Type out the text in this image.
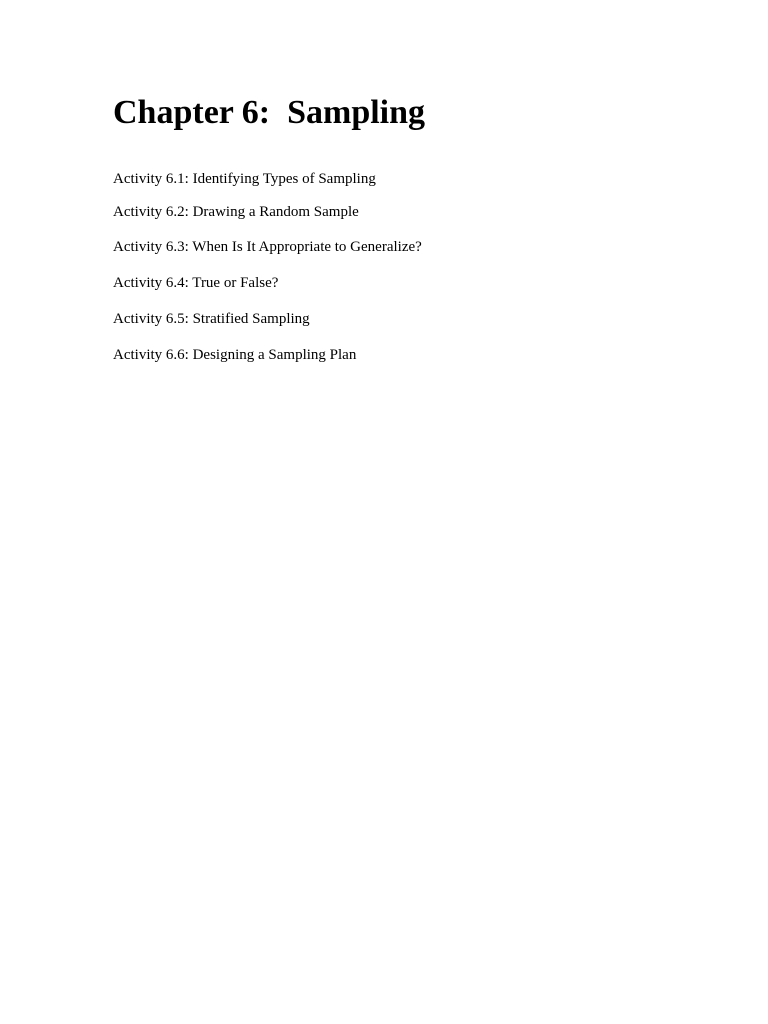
Chapter 6:  Sampling
Activity 6.1: Identifying Types of Sampling
Activity 6.2: Drawing a Random Sample
Activity 6.3: When Is It Appropriate to Generalize?
Activity 6.4: True or False?
Activity 6.5: Stratified Sampling
Activity 6.6: Designing a Sampling Plan
